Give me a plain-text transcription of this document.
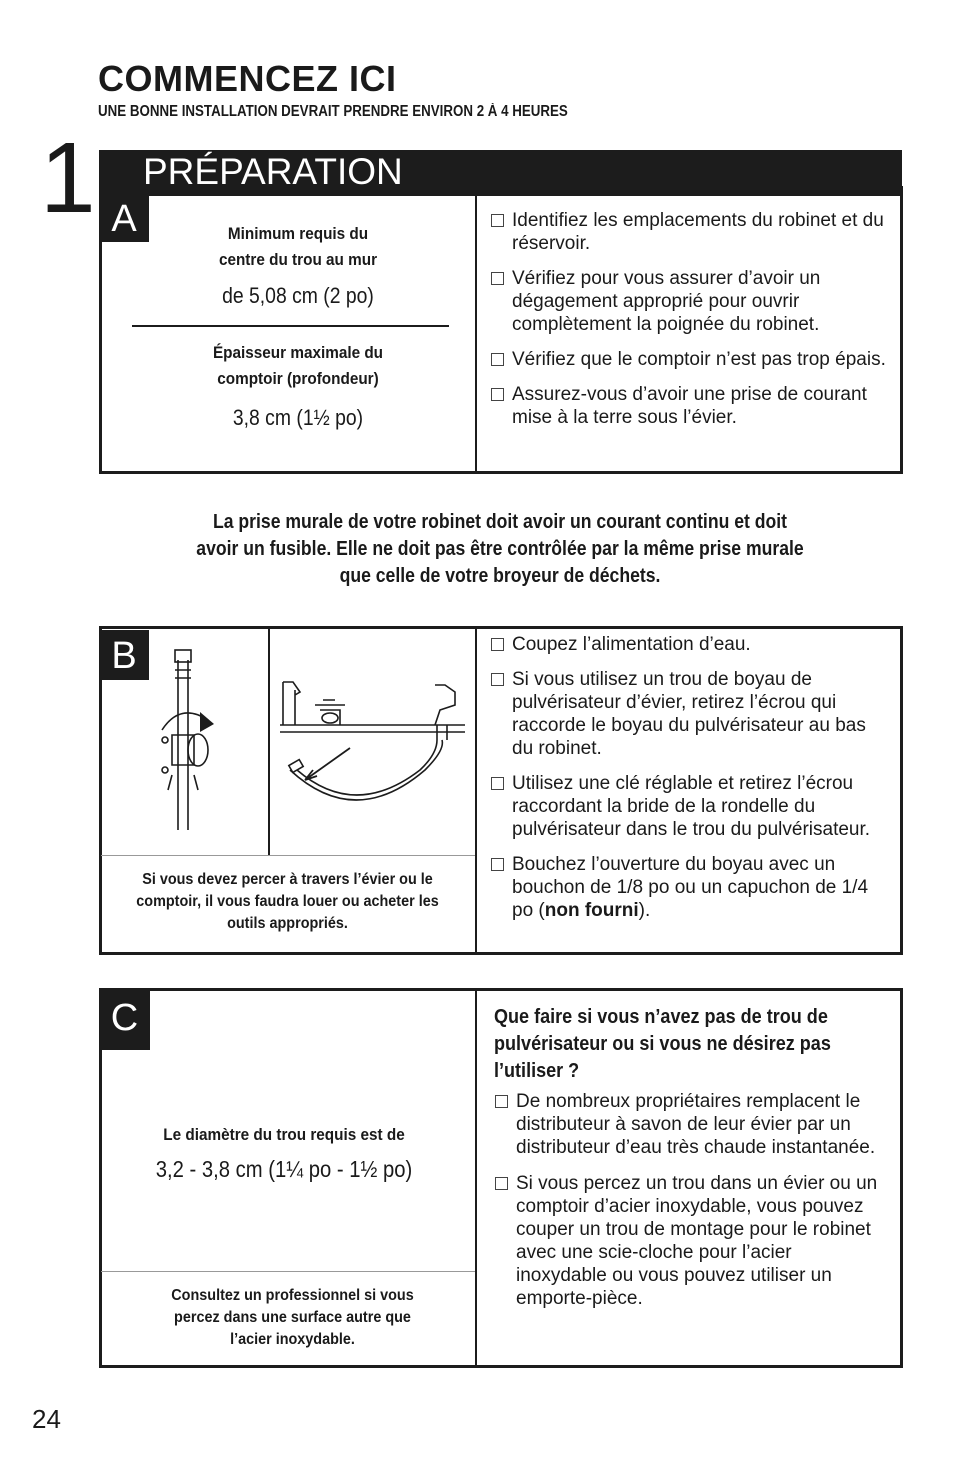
COMMENCEZ ICI
UNE BONNE INSTALLATION DEVRAIT PRENDRE ENVIRON 2 À 4 HEURES
1 PRÉPARATION
A	Minimum requis du
centre du trou au mur
de 5,08 cm (2 po)
Épaisseur maximale du
comptoir (profondeur)
3,8 cm (1½ po)
Identifiez les emplacements du robinet et du réservoir.
Vérifiez pour vous assurer d’avoir un dégagement approprié pour ouvrir complètement la poignée du robinet.
Vérifiez que le comptoir n’est pas trop épais.
Assurez-vous d’avoir une prise de courant mise à la terre sous l’évier.
La prise murale de votre robinet doit avoir un courant continu et doit
avoir un fusible. Elle ne doit pas être contrôlée par la même prise murale
que celle de votre broyeur de déchets.
B
Si vous devez percer à travers l’évier ou le comptoir, il vous faudra louer ou acheter les outils appropriés.
Coupez l’alimentation d’eau.
Si vous utilisez un trou de boyau de pulvérisateur d’évier, retirez l’écrou qui raccorde le boyau du pulvérisateur au bas du robinet.
Utilisez une clé réglable et retirez l’écrou raccordant la bride de la rondelle du pulvérisateur dans le trou du pulvérisateur.
Bouchez l’ouverture du boyau avec un bouchon de 1/8 po ou un capuchon de 1/4 po (non fourni).
C
Le diamètre du trou requis est de
3,2 - 3,8 cm (1¼ po - 1½ po)
Consultez un professionnel si vous percez dans une surface autre que l’acier inoxydable.
Que faire si vous n’avez pas de trou de pulvérisateur ou si vous ne désirez pas l’utiliser ?
De nombreux propriétaires remplacent le distributeur à savon de leur évier par un distributeur d’eau très chaude instantanée.
Si vous percez un trou dans un évier ou un comptoir d’acier inoxydable, vous pouvez couper un trou de montage pour le robinet avec une scie-cloche pour l’acier inoxydable ou vous pouvez utiliser un emporte-pièce.
24
